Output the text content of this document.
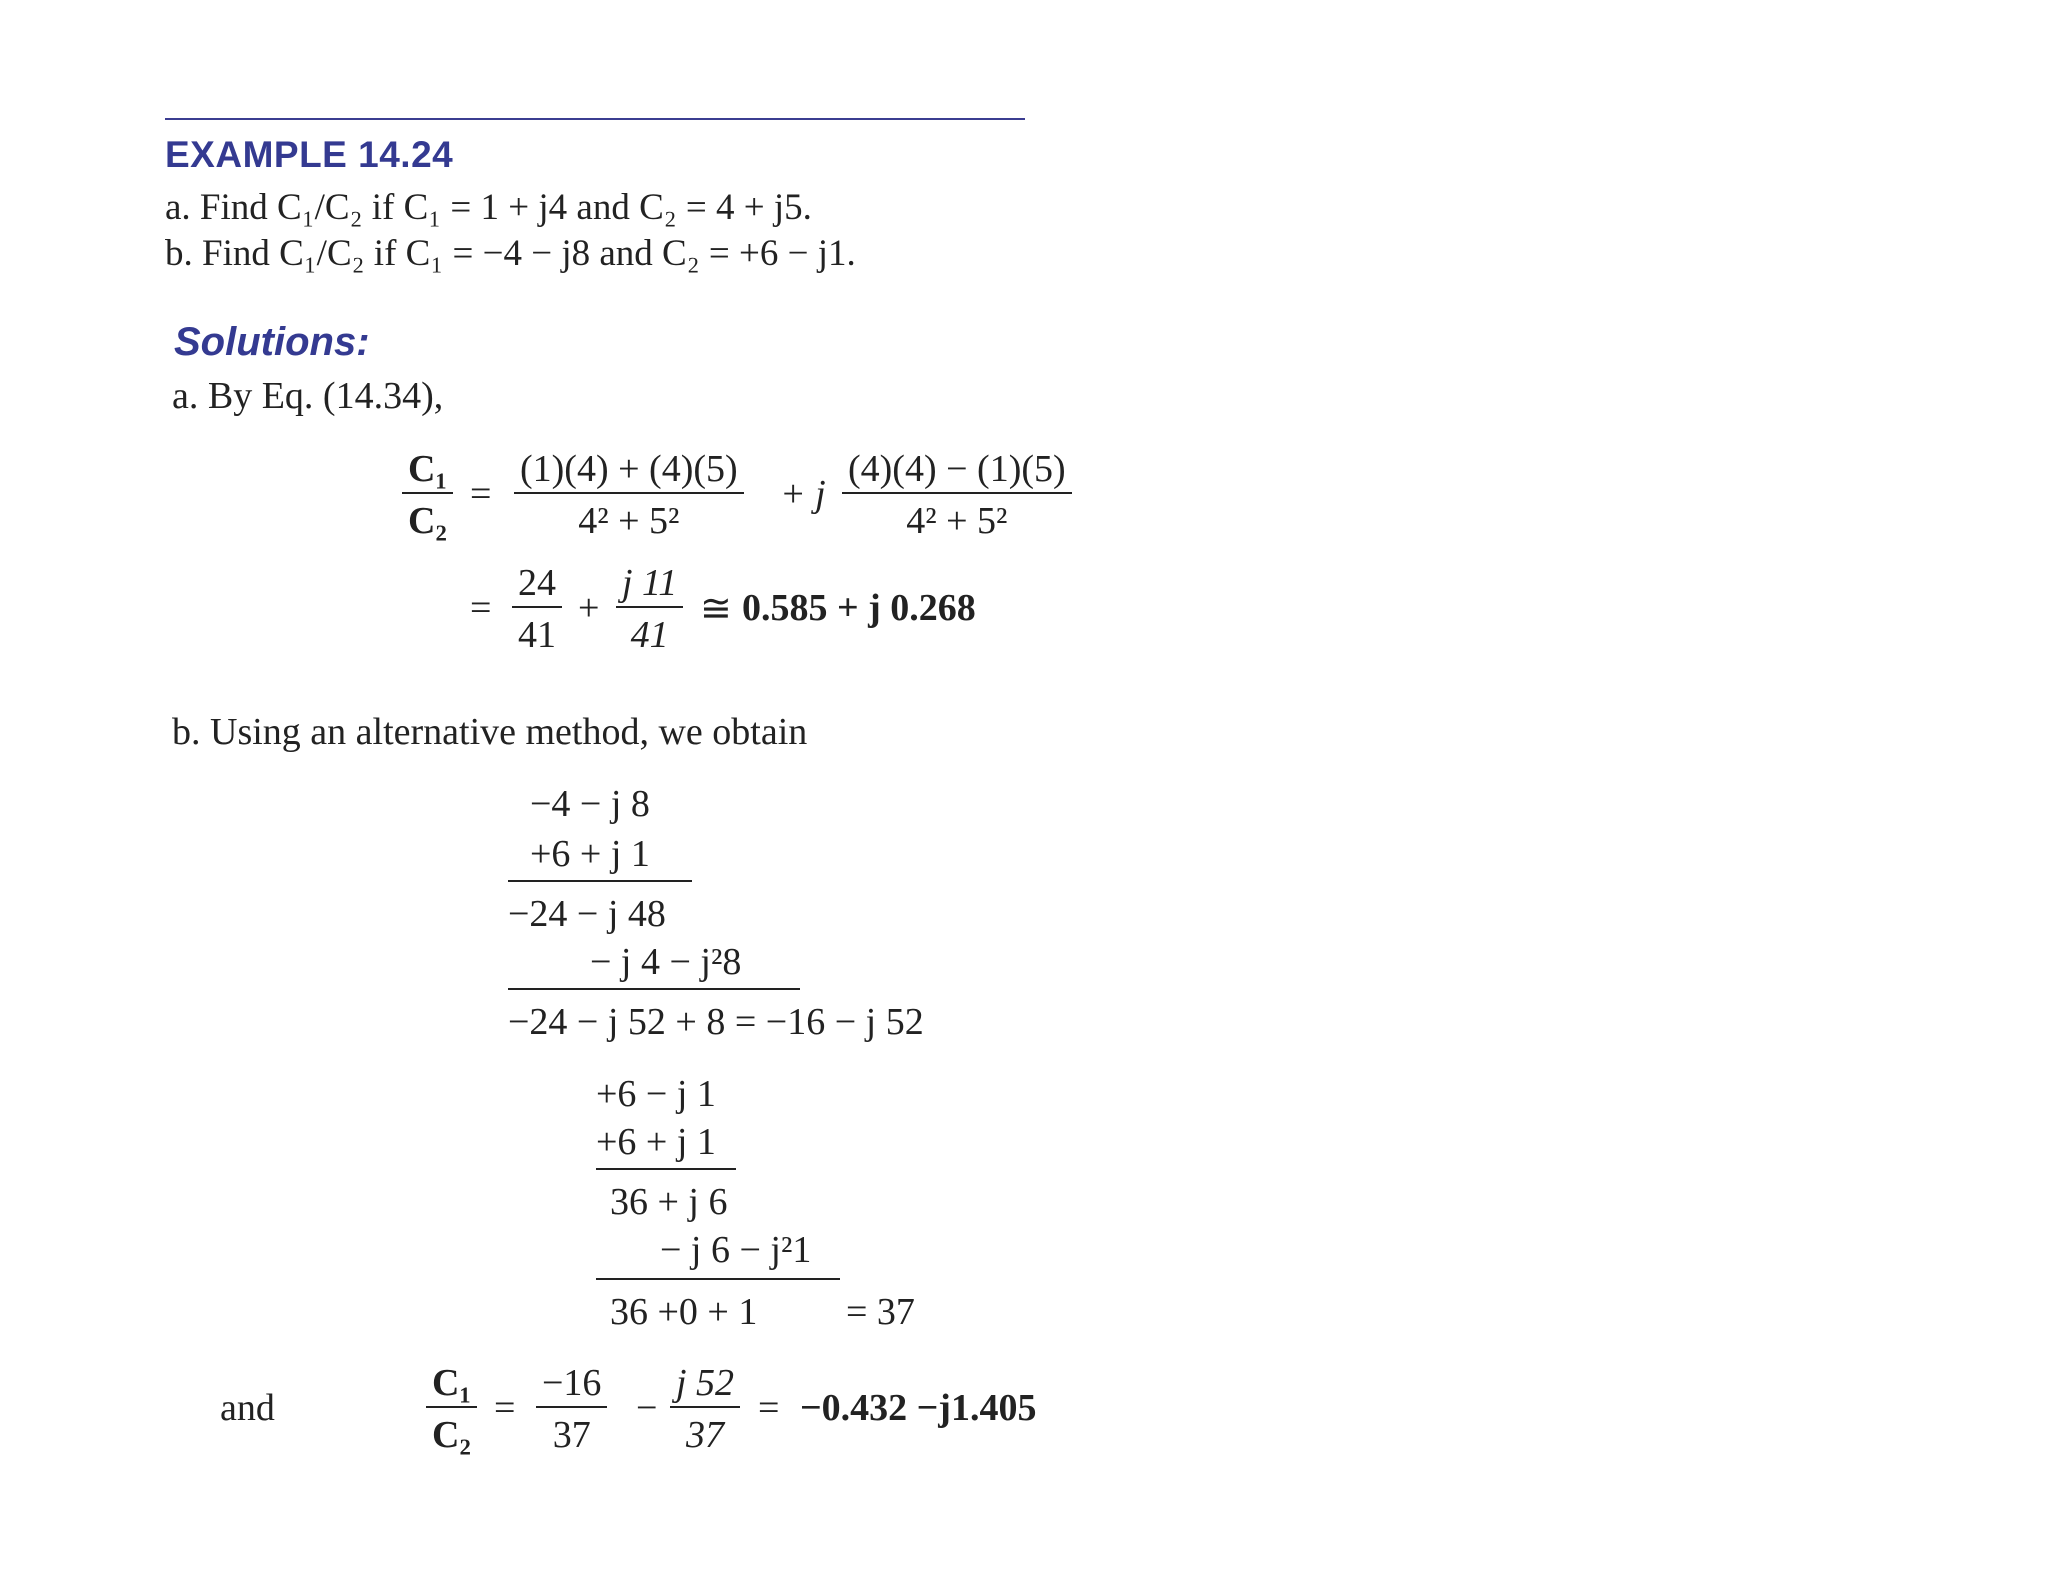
EXAMPLE 14.24
a. Find C₁/C₂ if C₁ = 1 + j4 and C₂ = 4 + j5.
b. Find C₁/C₂ if C₁ = −4 − j8 and C₂ = +6 − j1.
Solutions:
a. By Eq. (14.34),
C₁
C₂
=
(1)(4) + (4)(5)
4² + 5²
+ j
(4)(4) − (1)(5)
4² + 5²
=
24
41
+
j 11
41
≅ 0.585 + j 0.268
b. Using an alternative method, we obtain
−4 − j 8
+6 + j 1
−24 − j 48
− j 4 − j²8
−24 − j 52 + 8 = −16 − j 52
+6 − j 1
+6 + j 1
36 + j 6
− j 6 − j²1
36 +0 + 1 = 37
and
C₁
C₂
=
−16
37
−
j 52
37
= −0.432 −j1.405
